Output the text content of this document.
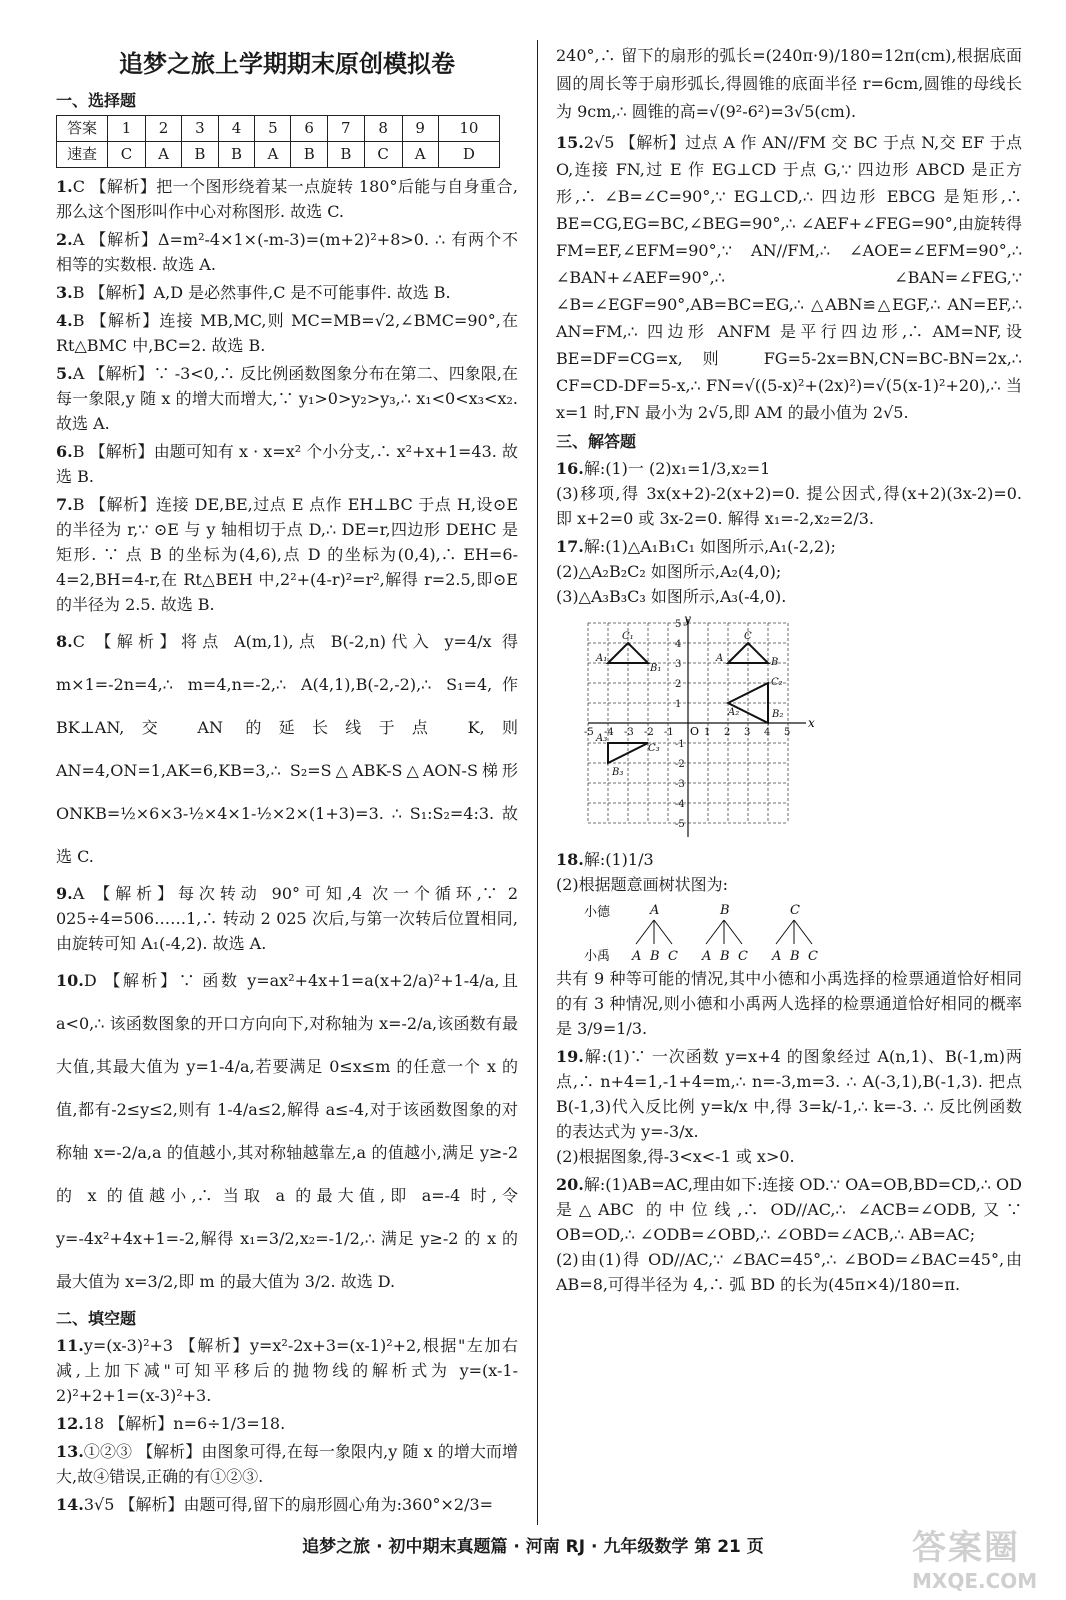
追梦之旅上学期期末原创模拟卷
一、选择题
答案	1	2	3	4	5	6	7	8	9	10
速查	C	A	B	B	A	B	B	C	A	D
1.C 【解析】把一个图形绕着某一点旋转 180°后能与自身重合,那么这个图形叫作中心对称图形. 故选 C.
2.A 【解析】Δ=m²-4×1×(-m-3)=(m+2)²+8>0. ∴ 有两个不相等的实数根. 故选 A.
3.B 【解析】A,D 是必然事件,C 是不可能事件. 故选 B.
4.B 【解析】连接 MB,MC,则 MC=MB=√2,∠BMC=90°,在 Rt△BMC 中,BC=2. 故选 B.
5.A 【解析】∵ -3<0,∴ 反比例函数图象分布在第二、四象限,在每一象限,y 随 x 的增大而增大,∵ y₁>0>y₂>y₃,∴ x₁<0<x₃<x₂. 故选 A.
6.B 【解析】由题可知有 x · x=x² 个小分支,∴ x²+x+1=43. 故选 B.
7.B 【解析】连接 DE,BE,过点 E 点作 EH⊥BC 于点 H,设⊙E 的半径为 r,∵ ⊙E 与 y 轴相切于点 D,∴ DE=r,四边形 DEHC 是矩形. ∵ 点 B 的坐标为(4,6),点 D 的坐标为(0,4),∴ EH=6-4=2,BH=4-r,在 Rt△BEH 中,2²+(4-r)²=r²,解得 r=2.5,即⊙E 的半径为 2.5. 故选 B.
8.C 【解析】将点 A(m,1),点 B(-2,n)代入 y=4/x 得 m×1=-2n=4,∴ m=4,n=-2,∴ A(4,1),B(-2,-2),∴ S₁=4,作 BK⊥AN,交 AN 的延长线于点 K,则 AN=4,ON=1,AK=6,KB=3,∴ S₂=S△ABK-S△AON-S梯形ONKB=½×6×3-½×4×1-½×2×(1+3)=3. ∴ S₁:S₂=4:3. 故选 C.
9.A 【解析】每次转动 90°可知,4 次一个循环,∵ 2 025÷4=506……1,∴ 转动 2 025 次后,与第一次转后位置相同,由旋转可知 A₁(-4,2). 故选 A.
10.D 【解析】∵ 函数 y=ax²+4x+1=a(x+2/a)²+1-4/a,且 a<0,∴ 该函数图象的开口方向向下,对称轴为 x=-2/a,该函数有最大值,其最大值为 y=1-4/a,若要满足 0≤x≤m 的任意一个 x 的值,都有-2≤y≤2,则有 1-4/a≤2,解得 a≤-4,对于该函数图象的对称轴 x=-2/a,a 的值越小,其对称轴越靠左,a 的值越小,满足 y≥-2 的 x 的值越小,∴ 当取 a 的最大值,即 a=-4 时,令 y=-4x²+4x+1=-2,解得 x₁=3/2,x₂=-1/2,∴ 满足 y≥-2 的 x 的最大值为 x=3/2,即 m 的最大值为 3/2. 故选 D.
二、填空题
11.y=(x-3)²+3 【解析】y=x²-2x+3=(x-1)²+2,根据"左加右减,上加下减"可知平移后的抛物线的解析式为 y=(x-1-2)²+2+1=(x-3)²+3.
12.18 【解析】n=6÷1/3=18.
13.①②③ 【解析】由图象可得,在每一象限内,y 随 x 的增大而增大,故④错误,正确的有①②③.
14.3√5 【解析】由题可得,留下的扇形圆心角为:360°×2/3=
240°,∴ 留下的扇形的弧长=(240π·9)/180=12π(cm),根据底面圆的周长等于扇形弧长,得圆锥的底面半径 r=6cm,圆锥的母线长为 9cm,∴ 圆锥的高=√(9²-6²)=3√5(cm).
15.2√5 【解析】过点 A 作 AN//FM 交 BC 于点 N,交 EF 于点 O,连接 FN,过 E 作 EG⊥CD 于点 G,∵ 四边形 ABCD 是正方形,∴ ∠B=∠C=90°,∵ EG⊥CD,∴ 四边形 EBCG 是矩形,∴ BE=CG,EG=BC,∠BEG=90°,∴ ∠AEF+∠FEG=90°,由旋转得 FM=EF,∠EFM=90°,∵ AN//FM,∴ ∠AOE=∠EFM=90°,∴ ∠BAN+∠AEF=90°,∴ ∠BAN=∠FEG,∵ ∠B=∠EGF=90°,AB=BC=EG,∴ △ABN≌△EGF,∴ AN=EF,∴ AN=FM,∴ 四边形 ANFM 是平行四边形,∴ AM=NF,设 BE=DF=CG=x,则 FG=5-2x=BN,CN=BC-BN=2x,∴ CF=CD-DF=5-x,∴ FN=√((5-x)²+(2x)²)=√(5(x-1)²+20),∴ 当 x=1 时,FN 最小为 2√5,即 AM 的最小值为 2√5.
三、解答题
16.解:(1)一 (2)x₁=1/3,x₂=1
(3)移项,得 3x(x+2)-2(x+2)=0. 提公因式,得(x+2)(3x-2)=0. 即 x+2=0 或 3x-2=0. 解得 x₁=-2,x₂=2/3.
17.解:(1)△A₁B₁C₁ 如图所示,A₁(-2,2);
(2)△A₂B₂C₂ 如图所示,A₂(4,0);
(3)△A₃B₃C₃ 如图所示,A₃(-4,0).
y
x
O
-5 -4 -3 -2 -1	1 2 3 4 5
5
4
3
2
1
-1
-2
-3
-4
-5
C₁
A₁
B₁
A
C
B
A₂
C₂
B₂
A₃
C₃
B₃
18.解:(1)1/3
(2)根据题意画树状图为:
小德
小禹
A
A B C
B
A B C
C
A B C
共有 9 种等可能的情况,其中小德和小禹选择的检票通道恰好相同的有 3 种情况,则小德和小禹两人选择的检票通道恰好相同的概率是 3/9=1/3.
19.解:(1)∵ 一次函数 y=x+4 的图象经过 A(n,1)、B(-1,m)两点,∴ n+4=1,-1+4=m,∴ n=-3,m=3. ∴ A(-3,1),B(-1,3). 把点 B(-1,3)代入反比例 y=k/x 中,得 3=k/-1,∴ k=-3. ∴ 反比例函数的表达式为 y=-3/x.
(2)根据图象,得-3<x<-1 或 x>0.
20.解:(1)AB=AC,理由如下:连接 OD.∵ OA=OB,BD=CD,∴ OD 是△ABC 的中位线,∴ OD//AC,∴ ∠ACB=∠ODB,又∵ OB=OD,∴ ∠ODB=∠OBD,∴ ∠OBD=∠ACB,∴ AB=AC;
(2)由(1)得 OD//AC,∵ ∠BAC=45°,∴ ∠BOD=∠BAC=45°,由 AB=8,可得半径为 4,∴ 弧 BD 的长为(45π×4)/180=π.
追梦之旅 · 初中期末真题篇 · 河南 RJ · 九年级数学 第 21 页	答案圈
MXQE.COM
